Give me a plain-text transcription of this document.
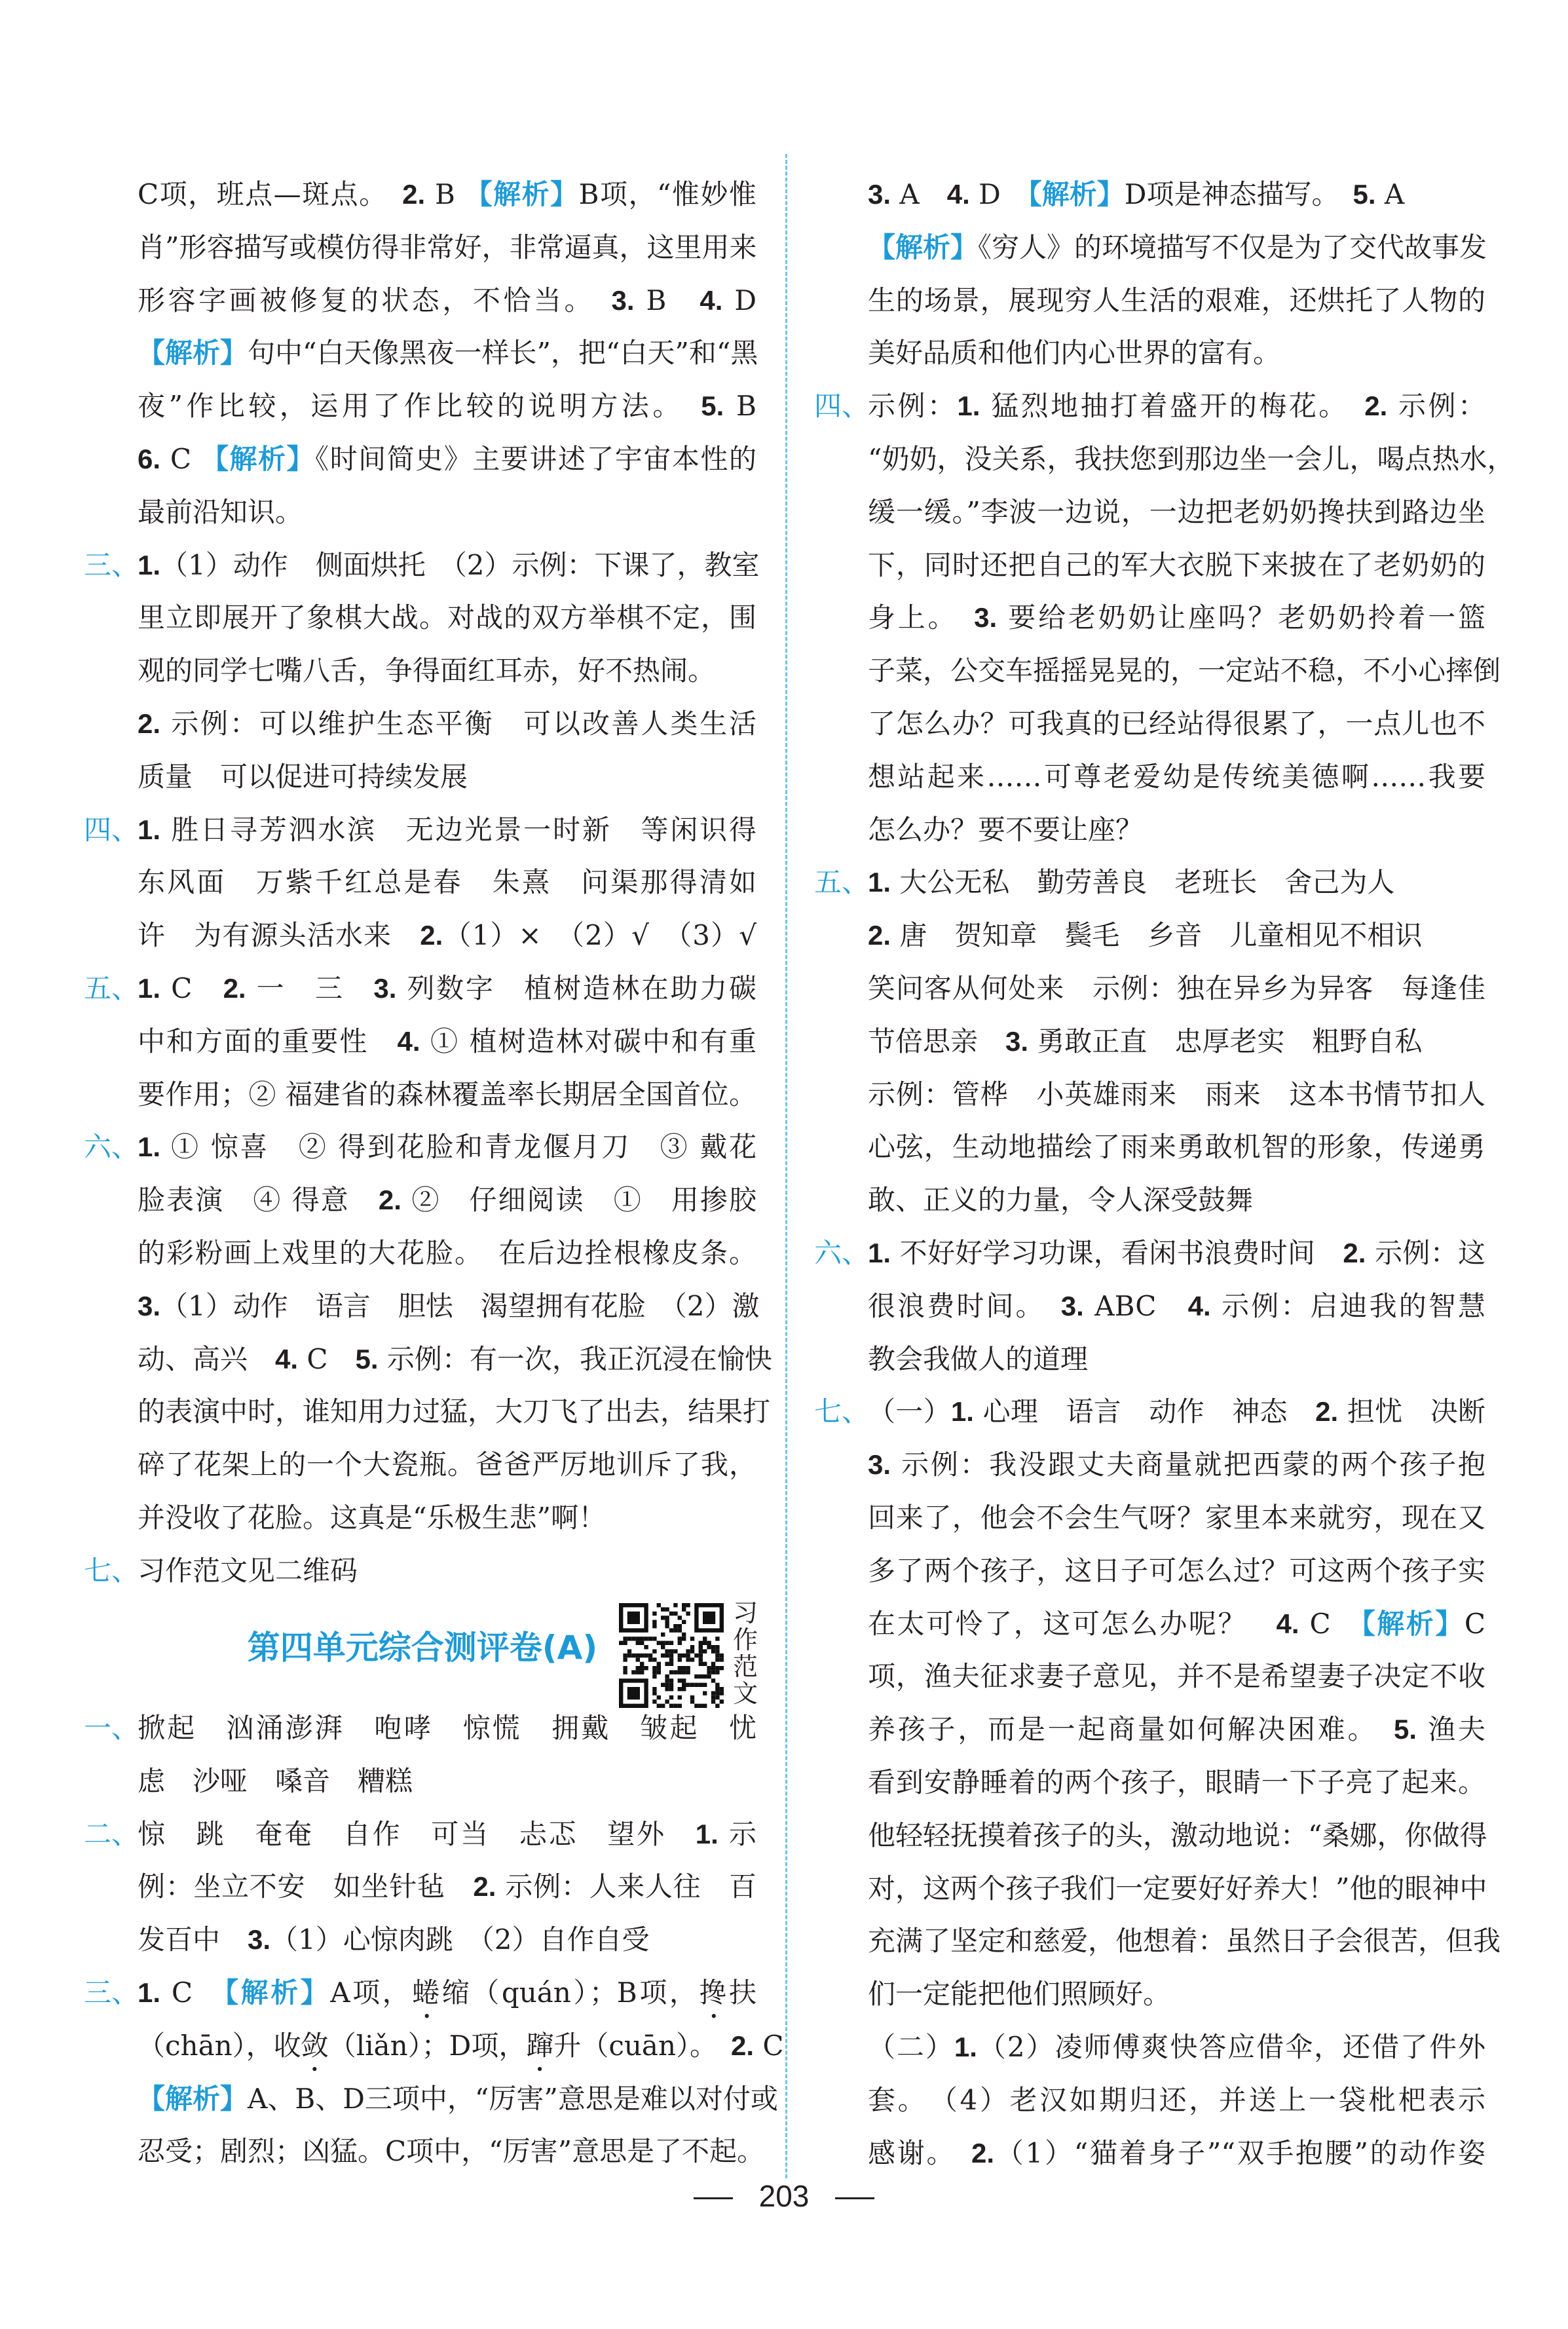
C项，班点—斑点。　2. B 【解析】B项，“惟妙惟
肖”形容描写或模仿得非常好，非常逼真，这里用来
形容字画被修复的状态，不恰当。　3. B　4. D
【解析】句中“白天像黑夜一样长”，把“白天”和“黑
夜”作比较，运用了作比较的说明方法。　5. B
6. C 【解析】《时间简史》主要讲述了宇宙本性的
最前沿知识。
三、
1.（1）动作　侧面烘托　（2）示例：下课了，教室
里立即展开了象棋大战。对战的双方举棋不定，围
观的同学七嘴八舌，争得面红耳赤，好不热闹。
2. 示例：可以维护生态平衡　可以改善人类生活
质量　可以促进可持续发展
四、
1. 胜日寻芳泗水滨　无边光景一时新　等闲识得
东风面　万紫千红总是春　朱熹　问渠那得清如
许　为有源头活水来　2.（1）×　（2）√　（3）√
五、
1. C　2. 一　三　3. 列数字　植树造林在助力碳
中和方面的重要性　4. ① 植树造林对碳中和有重
要作用；② 福建省的森林覆盖率长期居全国首位。
六、
1. ① 惊喜　② 得到花脸和青龙偃月刀　③ 戴花
脸表演　④ 得意　2. ②　仔细阅读　①　用掺胶
的彩粉画上戏里的大花脸。　在后边拴根橡皮条。
3.（1）动作　语言　胆怯　渴望拥有花脸　（2）激
动、高兴　4. C　5. 示例：有一次，我正沉浸在愉快
的表演中时，谁知用力过猛，大刀飞了出去，结果打
碎了花架上的一个大瓷瓶。爸爸严厉地训斥了我，
并没收了花脸。这真是“乐极生悲”啊！
七、
习作范文见二维码
一、
掀起　汹涌澎湃　咆哮　惊慌　拥戴　皱起　忧
虑　沙哑　嗓音　糟糕
二、
惊　跳　奄奄　自作　可当　忐忑　望外　1. 示
例：坐立不安　如坐针毡　2. 示例：人来人往　百
发百中　3.（1）心惊肉跳　（2）自作自受
三、
1. C　【解析】A项，蜷缩（quán）；B项，搀扶
（chān），收敛（liǎn）；D项，蹿升（cuān）。　2. C
【解析】A、B、D三项中，“厉害”意思是难以对付或
忍受；剧烈；凶猛。C项中，“厉害”意思是了不起。
3. A　4. D　【解析】D项是神态描写。　5. A
【解析】《穷人》的环境描写不仅是为了交代故事发
生的场景，展现穷人生活的艰难，还烘托了人物的
美好品质和他们内心世界的富有。
四、
示例：1. 猛烈地抽打着盛开的梅花。　2. 示例：
“奶奶，没关系，我扶您到那边坐一会儿，喝点热水，
缓一缓。”李波一边说，一边把老奶奶搀扶到路边坐
下，同时还把自己的军大衣脱下来披在了老奶奶的
身上。　3. 要给老奶奶让座吗？老奶奶拎着一篮
子菜，公交车摇摇晃晃的，一定站不稳，不小心摔倒
了怎么办？可我真的已经站得很累了，一点儿也不
想站起来……可尊老爱幼是传统美德啊……我要
怎么办？要不要让座？
五、
1. 大公无私　勤劳善良　老班长　舍己为人
2. 唐　贺知章　鬓毛　乡音　儿童相见不相识
笑问客从何处来　示例：独在异乡为异客　每逢佳
节倍思亲　3. 勇敢正直　忠厚老实　粗野自私
示例：管桦　小英雄雨来　雨来　这本书情节扣人
心弦，生动地描绘了雨来勇敢机智的形象，传递勇
敢、正义的力量，令人深受鼓舞
六、
1. 不好好学习功课，看闲书浪费时间　2. 示例：这
很浪费时间。　3. ABC　4. 示例：启迪我的智慧
教会我做人的道理
七、
（一）1. 心理　语言　动作　神态　2. 担忧　决断
3. 示例：我没跟丈夫商量就把西蒙的两个孩子抱
回来了，他会不会生气呀？家里本来就穷，现在又
多了两个孩子，这日子可怎么过？可这两个孩子实
在太可怜了，这可怎么办呢？　4. C　【解析】C
项，渔夫征求妻子意见，并不是希望妻子决定不收
养孩子，而是一起商量如何解决困难。　5. 渔夫
看到安静睡着的两个孩子，眼睛一下子亮了起来。
他轻轻抚摸着孩子的头，激动地说：“桑娜，你做得
对，这两个孩子我们一定要好好养大！”他的眼神中
充满了坚定和慈爱，他想着：虽然日子会很苦，但我
们一定能把他们照顾好。
（二）1.（2）凌师傅爽快答应借伞，还借了件外
套。　（4）老汉如期归还，并送上一袋枇杷表示
感谢。　2.（1）“猫着身子”“双手抱腰”的动作姿
第四单元综合测评卷(A)
习作范文
203
